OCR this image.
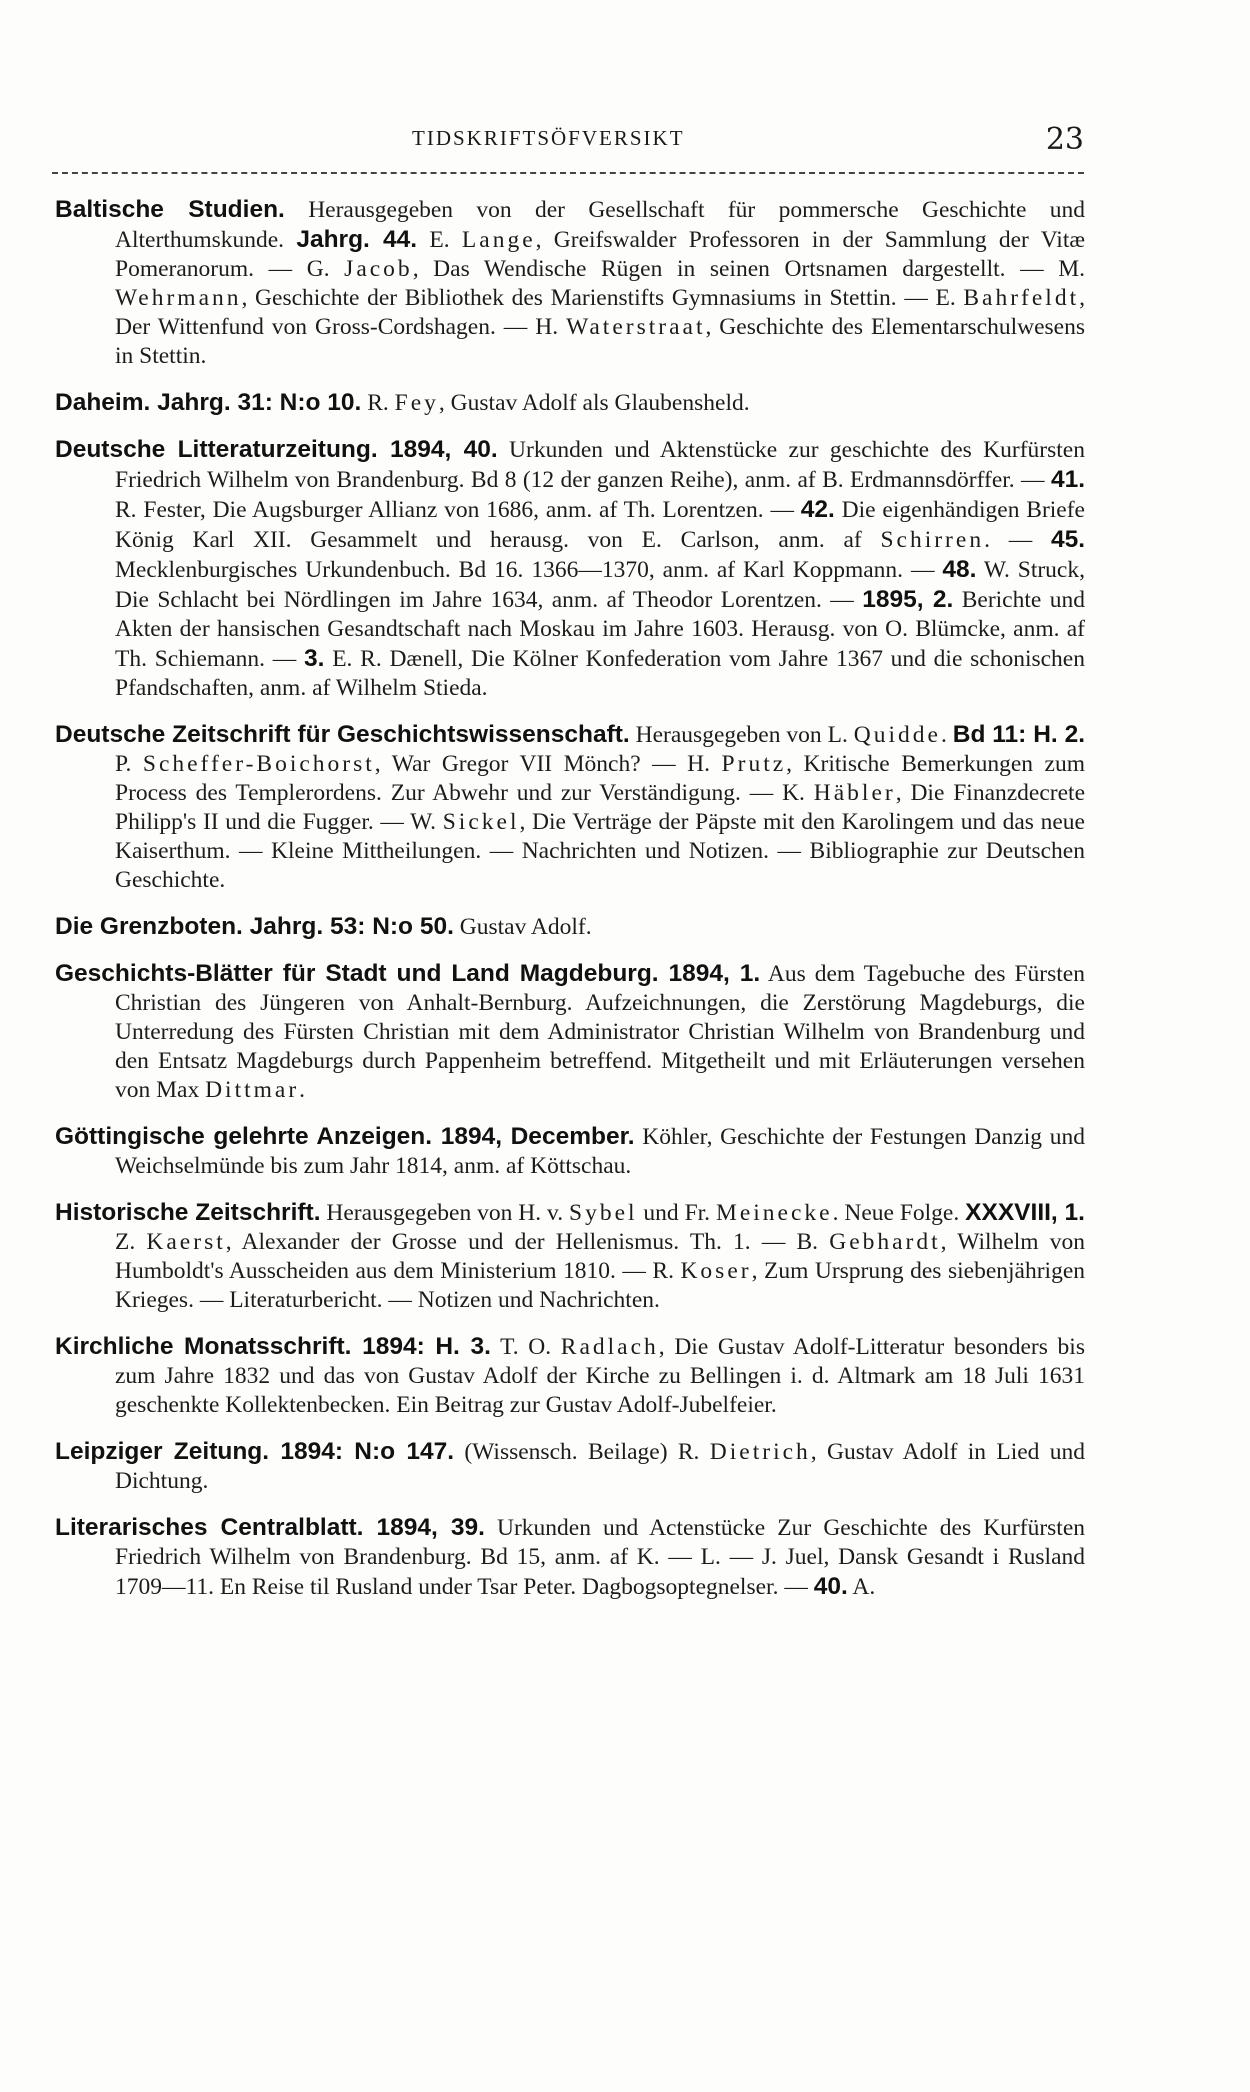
TIDSKRIFTSÖFVERSIKT	23
Baltische Studien. Herausgegeben von der Gesellschaft für pommersche Geschichte und Alterthumskunde. Jahrg. 44. E. Lange, Greifswalder Professoren in der Sammlung der Vitæ Pomeranorum. — G. Jacob, Das Wendische Rügen in seinen Ortsnamen dargestellt. — M. Wehrmann, Geschichte der Bibliothek des Marienstifts Gymnasiums in Stettin. — E. Bahrfeldt, Der Wittenfund von Gross-Cordshagen. — H. Waterstraat, Geschichte des Elementarschulwesens in Stettin.
Daheim. Jahrg. 31: N:o 10. R. Fey, Gustav Adolf als Glaubensheld.
Deutsche Litteraturzeitung. 1894, 40. Urkunden und Aktenstücke zur geschichte des Kurfürsten Friedrich Wilhelm von Brandenburg. Bd 8 (12 der ganzen Reihe), anm. af B. Erdmannsdörffer. — 41. R. Fester, Die Augsburger Allianz von 1686, anm. af Th. Lorentzen. — 42. Die eigenhändigen Briefe König Karl XII. Gesammelt und herausg. von E. Carlson, anm. af Schirren. — 45. Mecklenburgisches Urkundenbuch. Bd 16. 1366—1370, anm. af Karl Koppmann. — 48. W. Struck, Die Schlacht bei Nördlingen im Jahre 1634, anm. af Theodor Lorentzen. — 1895, 2. Berichte und Akten der hansischen Gesandtschaft nach Moskau im Jahre 1603. Herausg. von O. Blümcke, anm. af Th. Schiemann. — 3. E. R. Dænell, Die Kölner Konfederation vom Jahre 1367 und die schonischen Pfandschaften, anm. af Wilhelm Stieda.
Deutsche Zeitschrift für Geschichtswissenschaft. Herausgegeben von L. Quidde. Bd 11: H. 2. P. Scheffer-Boichorst, War Gregor VII Mönch? — H. Prutz, Kritische Bemerkungen zum Process des Templerordens. Zur Abwehr und zur Verständigung. — K. Häbler, Die Finanzdecrete Philipp's II und die Fugger. — W. Sickel, Die Verträge der Päpste mit den Karolingem und das neue Kaiserthum. — Kleine Mittheilungen. — Nachrichten und Notizen. — Bibliographie zur Deutschen Geschichte.
Die Grenzboten. Jahrg. 53: N:o 50. Gustav Adolf.
Geschichts-Blätter für Stadt und Land Magdeburg. 1894, 1. Aus dem Tagebuche des Fürsten Christian des Jüngeren von Anhalt-Bernburg. Aufzeichnungen, die Zerstörung Magdeburgs, die Unterredung des Fürsten Christian mit dem Administrator Christian Wilhelm von Brandenburg und den Entsatz Magdeburgs durch Pappenheim betreffend. Mitgetheilt und mit Erläuterungen versehen von Max Dittmar.
Göttingische gelehrte Anzeigen. 1894, December. Köhler, Geschichte der Festungen Danzig und Weichselmünde bis zum Jahr 1814, anm. af Köttschau.
Historische Zeitschrift. Herausgegeben von H. v. Sybel und Fr. Meinecke. Neue Folge. XXXVIII, 1. Z. Kaerst, Alexander der Grosse und der Hellenismus. Th. 1. — B. Gebhardt, Wilhelm von Humboldt's Ausscheiden aus dem Ministerium 1810. — R. Koser, Zum Ursprung des siebenjährigen Krieges. — Literaturbericht. — Notizen und Nachrichten.
Kirchliche Monatsschrift. 1894: H. 3. T. O. Radlach, Die Gustav Adolf-Litteratur besonders bis zum Jahre 1832 und das von Gustav Adolf der Kirche zu Bellingen i. d. Altmark am 18 Juli 1631 geschenkte Kollektenbecken. Ein Beitrag zur Gustav Adolf-Jubelfeier.
Leipziger Zeitung. 1894: N:o 147. (Wissensch. Beilage) R. Dietrich, Gustav Adolf in Lied und Dichtung.
Literarisches Centralblatt. 1894, 39. Urkunden und Actenstücke Zur Geschichte des Kurfürsten Friedrich Wilhelm von Brandenburg. Bd 15, anm. af K. — L. — J. Juel, Dansk Gesandt i Rusland 1709—11. En Reise til Rusland under Tsar Peter. Dagbogsoptegnelser. — 40. A.
